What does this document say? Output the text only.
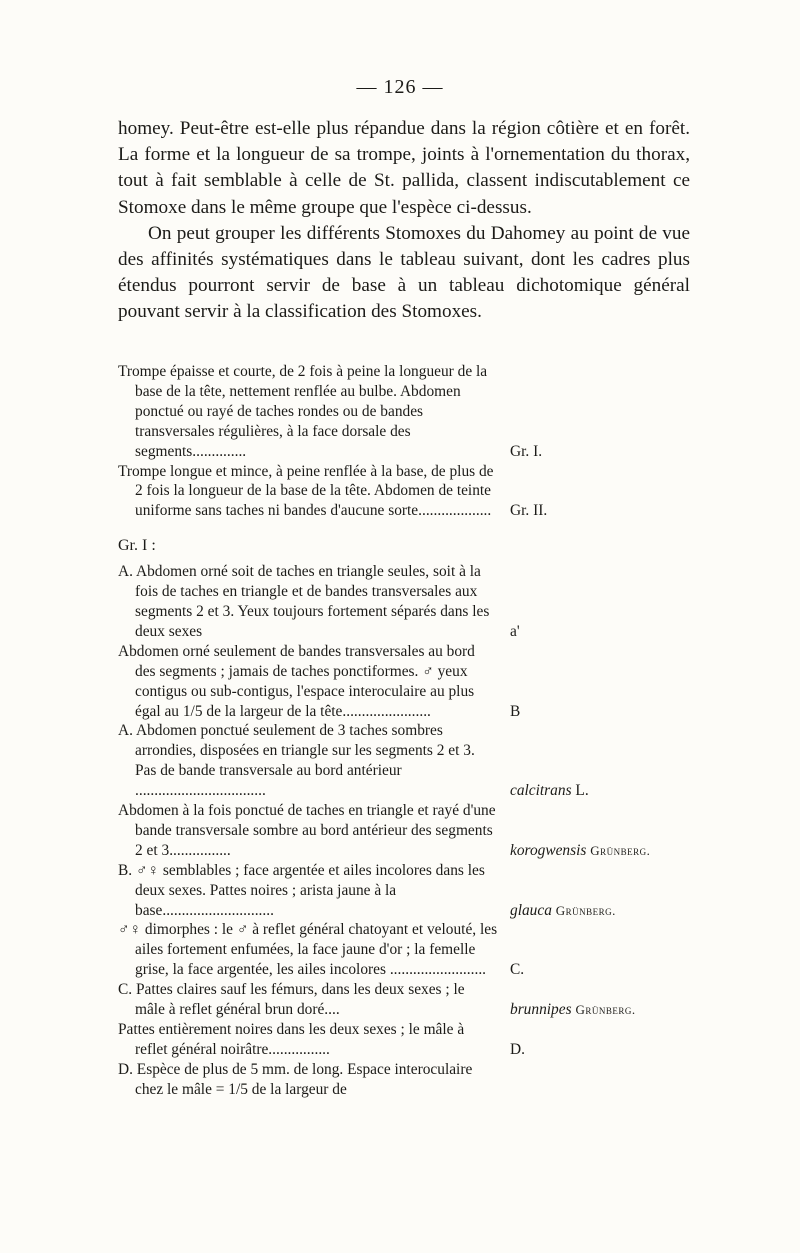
— 126 —

homey. Peut-être est-elle plus répandue dans la région côtière et en forêt. La forme et la longueur de sa trompe, joints à l'ornementation du thorax, tout à fait semblable à celle de St. pallida, classent indiscutablement ce Stomoxe dans le même groupe que l'espèce ci-dessus.

On peut grouper les différents Stomoxes du Dahomey au point de vue des affinités systématiques dans le tableau suivant, dont les cadres plus étendus pourront servir de base à un tableau dichotomique général pouvant servir à la classification des Stomoxes.

Trompe épaisse et courte, de 2 fois à peine la longueur de la base de la tête, nettement renflée au bulbe. Abdomen ponctué ou rayé de taches rondes ou de bandes transversales régulières, à la face dorsale des segments..............	Gr. I.
Trompe longue et mince, à peine renflée à la base, de plus de 2 fois la longueur de la base de la tête. Abdomen de teinte uniforme sans taches ni bandes d'aucune sorte...................	Gr. II.
Gr. I :
A. Abdomen orné soit de taches en triangle seules, soit à la fois de taches en triangle et de bandes transversales aux segments 2 et 3. Yeux toujours fortement séparés dans les deux sexes	a'
Abdomen orné seulement de bandes transversales au bord des segments ; jamais de taches ponctiformes. ♂ yeux contigus ou sub-contigus, l'espace interoculaire au plus égal au 1/5 de la largeur de la tête.......................	B
A. Abdomen ponctué seulement de 3 taches sombres arrondies, disposées en triangle sur les segments 2 et 3. Pas de bande transversale au bord antérieur ..................................	calcitrans L.
Abdomen à la fois ponctué de taches en triangle et rayé d'une bande transversale sombre au bord antérieur des segments 2 et 3................	korogwensis Grünberg.
B. ♂♀ semblables ; face argentée et ailes incolores dans les deux sexes. Pattes noires ; arista jaune à la base.............................	glauca Grünberg.
♂♀ dimorphes : le ♂ à reflet général chatoyant et velouté, les ailes fortement enfumées, la face jaune d'or ; la femelle grise, la face argentée, les ailes incolores .........................	C.
C. Pattes claires sauf les fémurs, dans les deux sexes ; le mâle à reflet général brun doré....	brunnipes Grünberg.
Pattes entièrement noires dans les deux sexes ; le mâle à reflet général noirâtre................	D.
D. Espèce de plus de 5 mm. de long. Espace interoculaire chez le mâle = 1/5 de la largeur de
